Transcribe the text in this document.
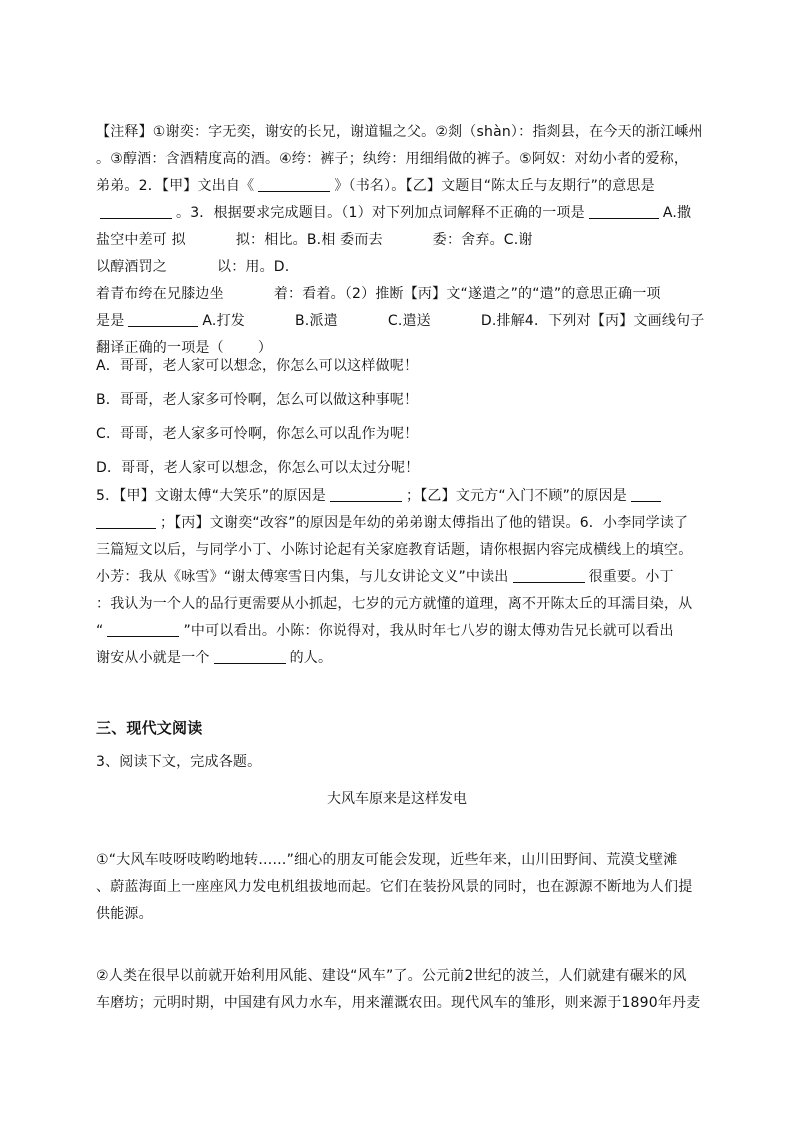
【注释】①谢奕：字无奕，谢安的长兄，谢道韫之父。②剡（shàn）：指剡县，在今天的浙江嵊州
。③醇酒：含酒精度高的酒。④绔：裤子；纨绔：用细绢做的裤子。⑤阿奴：对幼小者的爱称，
弟弟。2．【甲】文出自《	》（书名）。【乙】文题目“陈太丘与友期行”的意思是
。3．根据要求完成题目。（1）对下列加点词解释不正确的一项是	A.撒
盐空中差可 拟	拟：相比。B.相 委而去	委：舍弃。C.谢
以醇酒罚之	以：用。D.
着青布绔在兄膝边坐	着：看着。（2）推断【丙】文“遂遣之”的“遣”的意思正确一项
是是	A.打发	B.派遣	C.遣送	D.排解4．下列对【丙】文画线句子
翻译正确的一项是（ ）
A．哥哥，老人家可以想念，你怎么可以这样做呢！
B．哥哥，老人家多可怜啊，怎么可以做这种事呢！
C．哥哥，老人家多可怜啊，你怎么可以乱作为呢！
D．哥哥，老人家可以想念，你怎么可以太过分呢！
5．【甲】文谢太傅“大笑乐”的原因是	；【乙】文元方“入门不顾”的原因是
；【丙】文谢奕“改容”的原因是年幼的弟弟谢太傅指出了他的错误。6．小李同学读了
三篇短文以后，与同学小丁、小陈讨论起有关家庭教育话题，请你根据内容完成横线上的填空。
小芳：我从《咏雪》“谢太傅寒雪日内集，与儿女讲论文义”中读出	很重要。小丁
：我认为一个人的品行更需要从小抓起，七岁的元方就懂的道理，离不开陈太丘的耳濡目染，从
“	”中可以看出。小陈：你说得对，我从时年七八岁的谢太傅劝告兄长就可以看出
谢安从小就是一个	的人。
三、现代文阅读
3、阅读下文，完成各题。
大风车原来是这样发电
①“大风车吱呀吱哟哟地转……”细心的朋友可能会发现，近些年来，山川田野间、荒漠戈壁滩
、蔚蓝海面上一座座风力发电机组拔地而起。它们在装扮风景的同时，也在源源不断地为人们提
供能源。
②人类在很早以前就开始利用风能、建设“风车”了。公元前2世纪的波兰，人们就建有碾米的风
车磨坊；元明时期，中国建有风力水车，用来灌溉农田。现代风车的雏形，则来源于1890年丹麦
